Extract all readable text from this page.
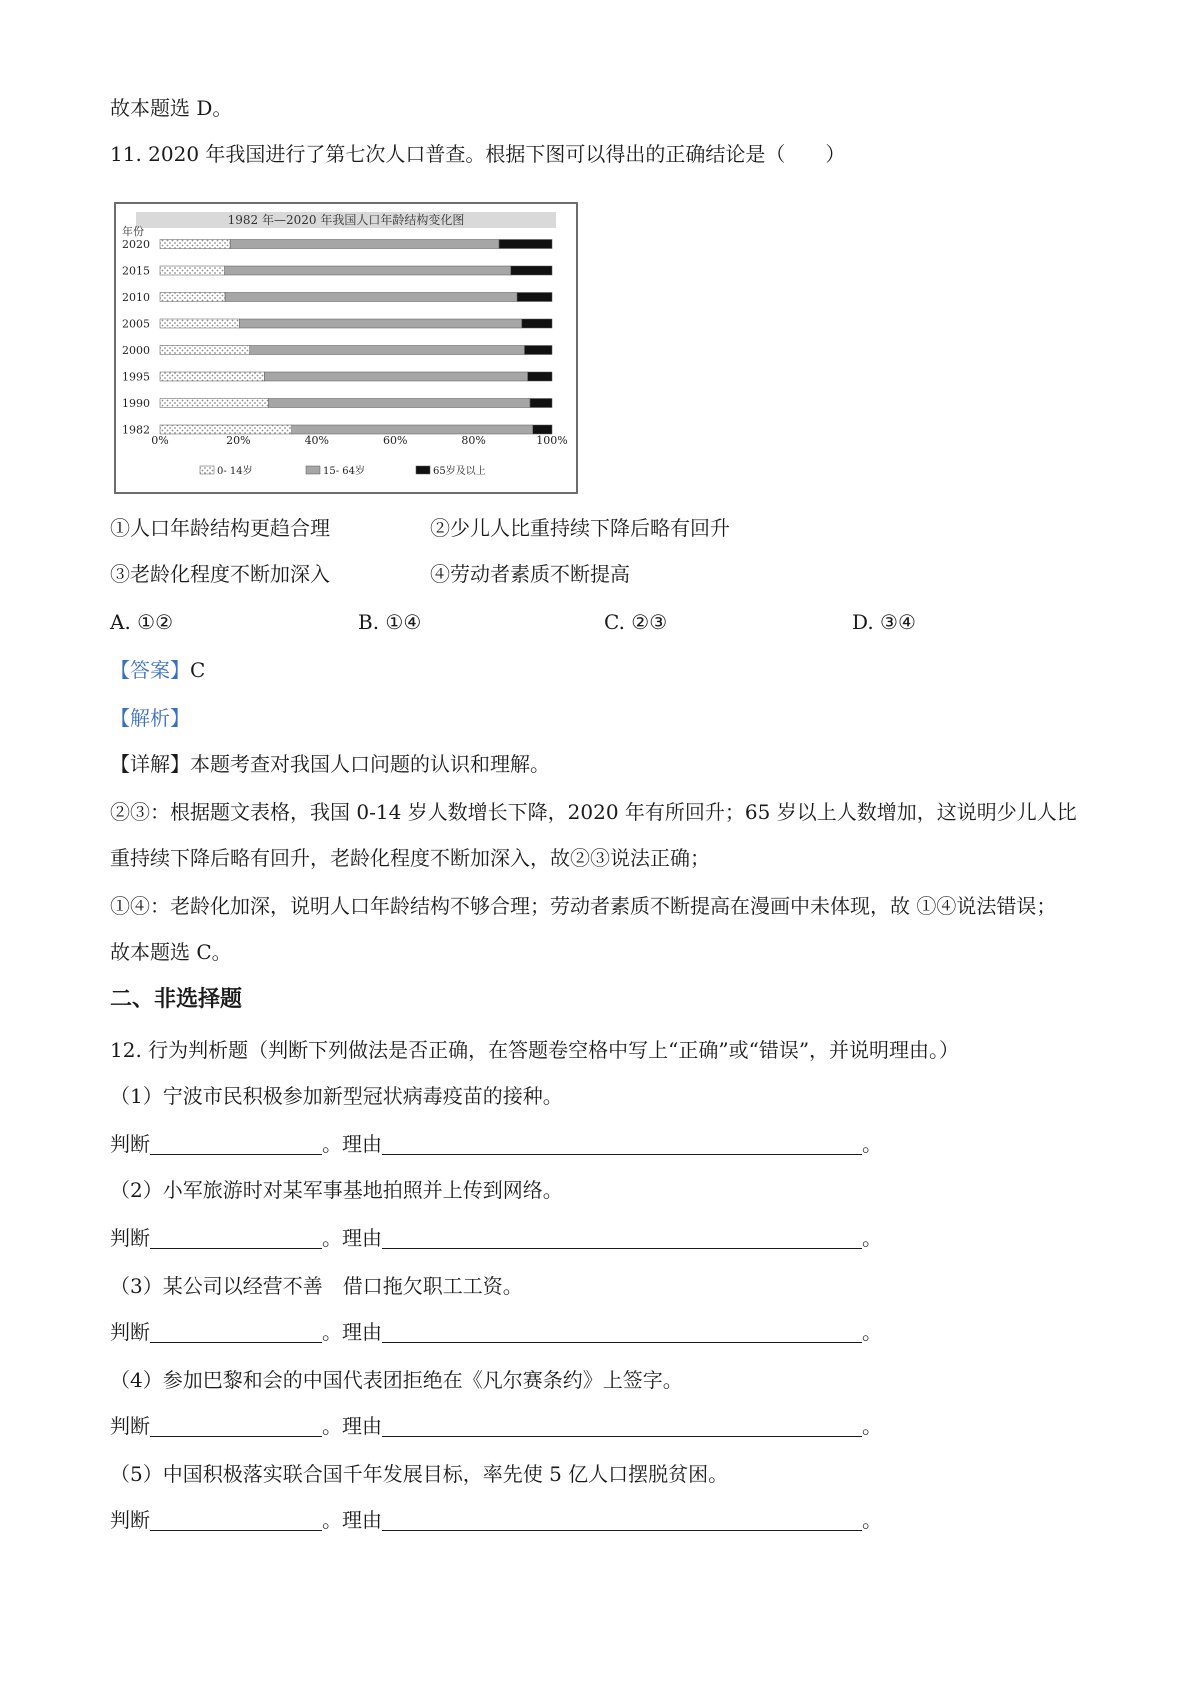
故本题选 D。
11. 2020 年我国进行了第七次人口普查。根据下图可以得出的正确结论是（　　）
1982 年—2020 年我国人口年龄结构变化图
2020
2015
2010
2005
2000
1995
1990
1982
0%	20%	40%	60%	80%	100%
0- 14岁	15- 64岁	65岁及以上
年份
①人口年龄结构更趋合理	②少儿人比重持续下降后略有回升
③老龄化程度不断加深入	④劳动者素质不断提高
A. ①②	B. ①④	C. ②③	D. ③④
【答案】C
【解析】
【详解】本题考查对我国人口问题的认识和理解。
②③：根据题文表格，我国 0-14 岁人数增长下降，2020 年有所回升；65 岁以上人数增加，这说明少儿人比
重持续下降后略有回升，老龄化程度不断加深入，故②③说法正确；
①④：老龄化加深，说明人口年龄结构不够合理；劳动者素质不断提高在漫画中未体现，故 ①④说法错误；
故本题选 C。
二、非选择题
12. 行为判析题（判断下列做法是否正确，在答题卷空格中写上“正确”或“错误”，并说明理由。）
（1）宁波市民积极参加新型冠状病毒疫苗的接种。
判断	。理由	。
（2）小军旅游时对某军事基地拍照并上传到网络。
判断	。理由	。
（3）某公司以经营不善　借口拖欠职工工资。
判断	。理由	。
（4）参加巴黎和会的中国代表团拒绝在《凡尔赛条约》上签字。
判断	。理由	。
（5）中国积极落实联合国千年发展目标，率先使 5 亿人口摆脱贫困。
判断	。理由	。
